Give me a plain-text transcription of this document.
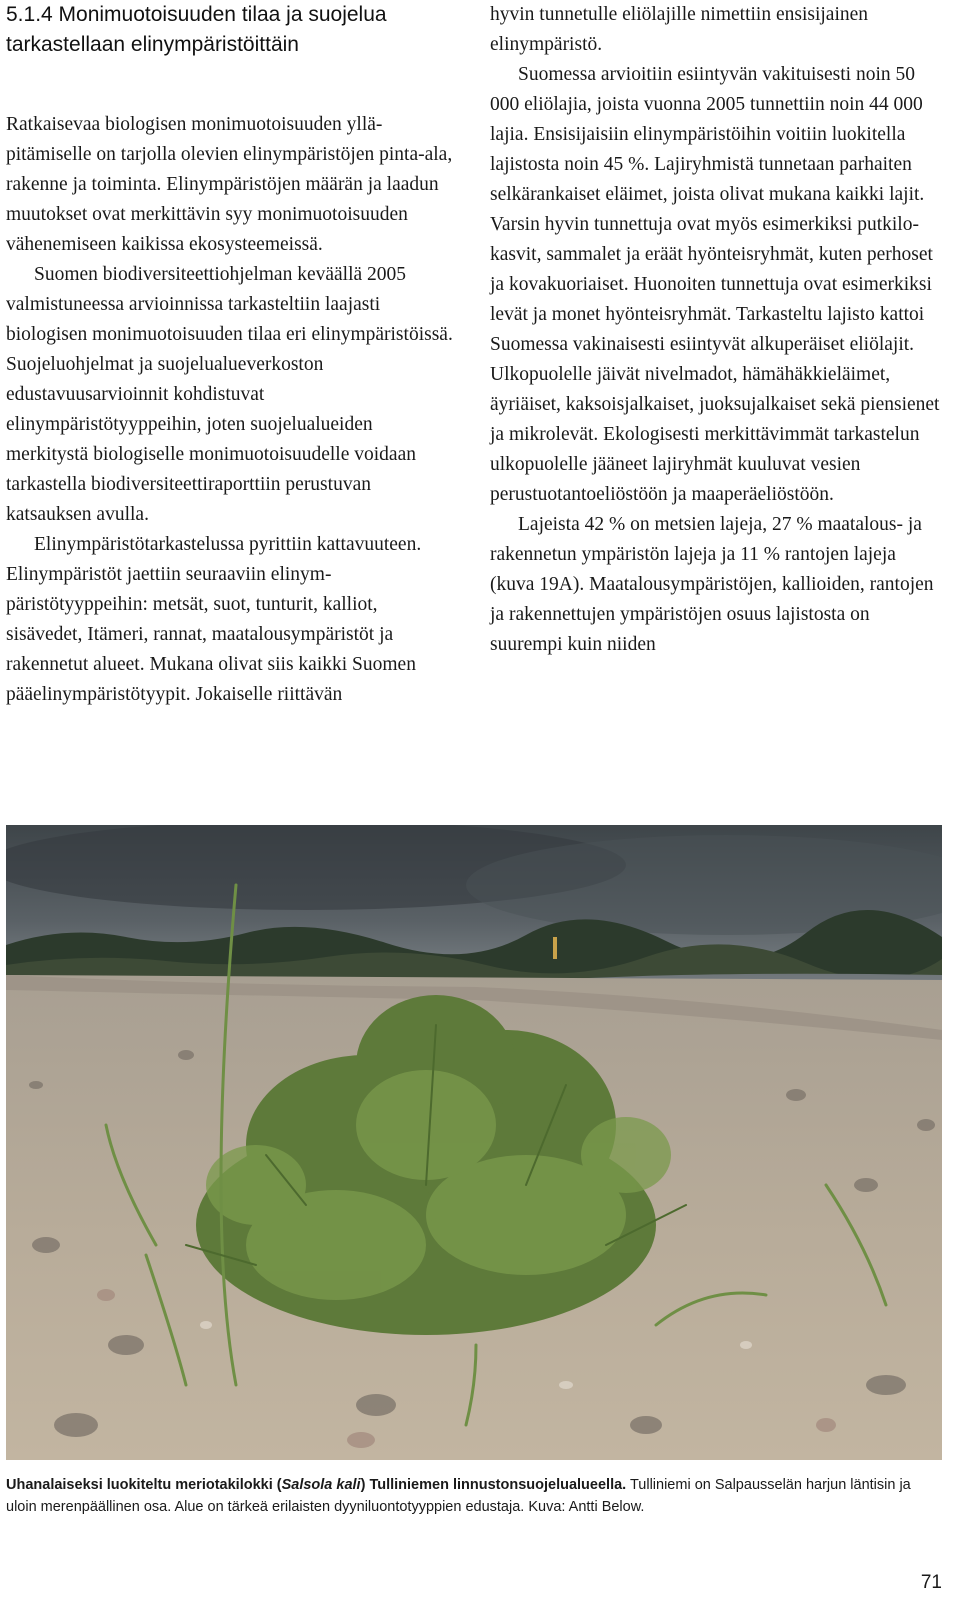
5.1.4 Monimuotoisuuden tilaa ja suojelua
tarkastellaan elinympäristöittäin

Ratkaisevaa biologisen monimuotoisuuden ylläpitämiselle on tarjolla olevien elinympäristöjen pinta-ala, rakenne ja toiminta. Elinympäristöjen määrän ja laadun muutokset ovat merkittävin syy monimuotoisuuden vähenemiseen kaikissa ekosysteemeissä.

Suomen biodiversiteettiohjelman keväällä 2005 valmistuneessa arvioinnissa tarkasteltiin laajasti biologisen monimuotoisuuden tilaa eri elinympäristöissä. Suojeluohjelmat ja suojelualueverkoston edustavuusarvioinnit kohdistuvat elinympäristötyyppeihin, joten suojelualueiden merkitystä biologiselle monimuotoisuudelle voidaan tarkastella biodiversiteettiraporttiin perustuvan katsauksen avulla.

Elinympäristötarkastelussa pyrittiin kattavuuteen. Elinympäristöt jaettiin seuraaviin elinympäristötyyppeihin: metsät, suot, tunturit, kalliot, sisävedet, Itämeri, rannat, maatalousympäristöt ja rakennetut alueet. Mukana olivat siis kaikki Suomen pääelinympäristötyypit. Jokaiselle riittävän

hyvin tunnetulle eliölajille nimettiin ensisijainen elinympäristö.

Suomessa arvioitiin esiintyvän vakituisesti noin 50 000 eliölajia, joista vuonna 2005 tunnettiin noin 44 000 lajia. Ensisijaisiin elinympäristöihin voitiin luokitella lajistosta noin 45 %. Lajiryhmistä tunnetaan parhaiten selkärankaiset eläimet, joista olivat mukana kaikki lajit. Varsin hyvin tunnettuja ovat myös esimerkiksi putkilokasvit, sammalet ja eräät hyönteisryhmät, kuten perhoset ja kovakuoriaiset. Huonoiten tunnettuja ovat esimerkiksi levät ja monet hyönteisryhmät. Tarkasteltu lajisto kattoi Suomessa vakinaisesti esiintyvät alkuperäiset eliölajit. Ulkopuolelle jäivät nivelmadot, hämähäkkieläimet, äyriäiset, kaksoisjalkaiset, juoksujalkaiset sekä piensienet ja mikrolevät. Ekologisesti merkittävimmät tarkastelun ulkopuolelle jääneet lajiryhmät kuuluvat vesien perustuotantoeliöstöön ja maaperäeliöstöön.

Lajeista 42 % on metsien lajeja, 27 % maatalous- ja rakennetun ympäristön lajeja ja 11 % rantojen lajeja (kuva 19A). Maatalousympäristöjen, kallioiden, rantojen ja rakennettujen ympäristöjen osuus lajistosta on suurempi kuin niiden

Uhanalaiseksi luokiteltu meriotakilokki (Salsola kali) Tulliniemen linnustonsuojelualueella. Tulliniemi on Salpausselän harjun läntisin ja uloin merenpäällinen osa. Alue on tärkeä erilaisten dyyniluontotyyppien edustaja. Kuva: Antti Below.
71
